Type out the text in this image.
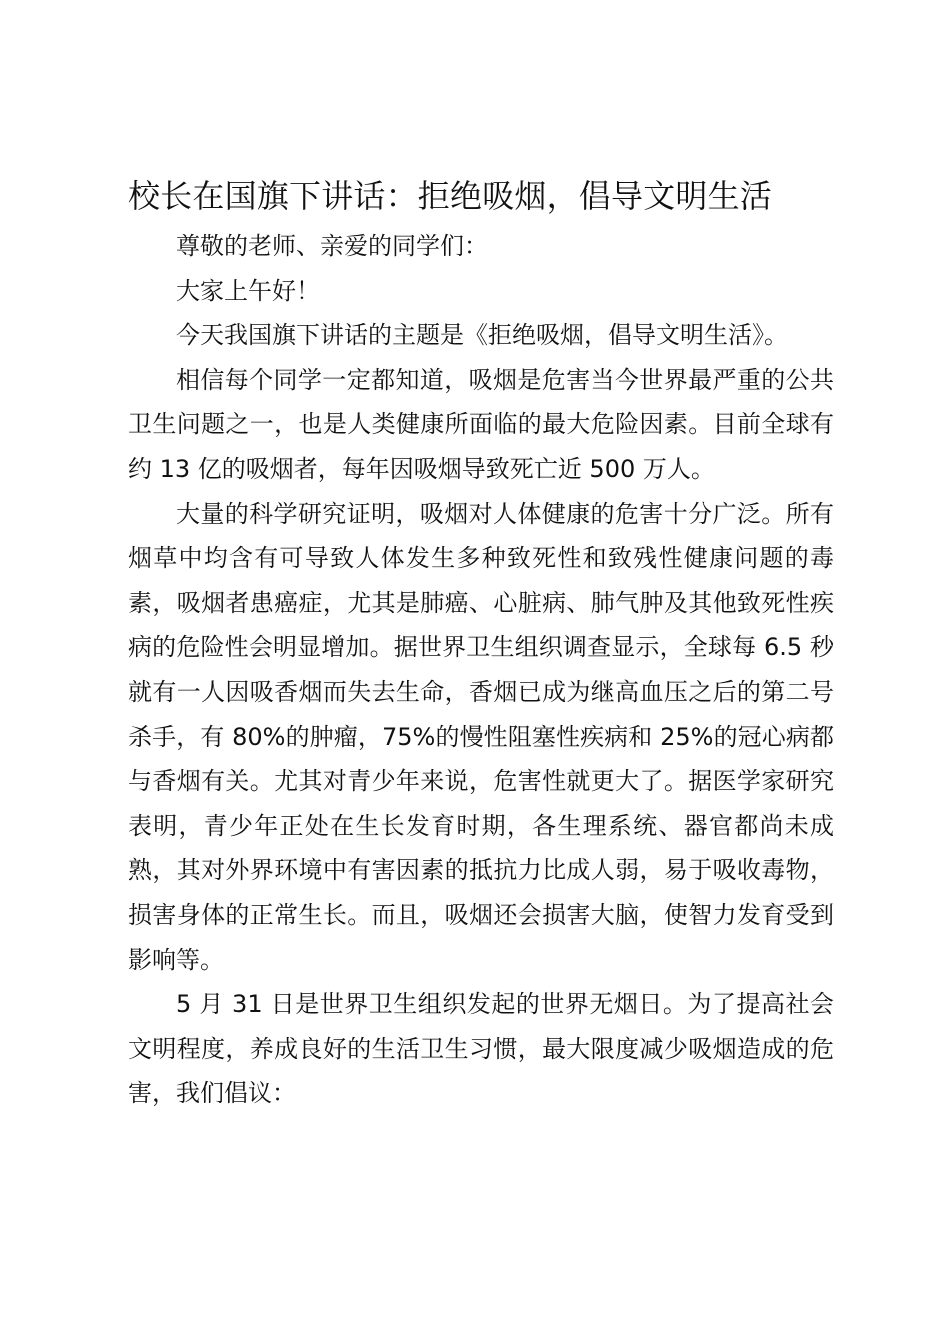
校长在国旗下讲话：拒绝吸烟，倡导文明生活

尊敬的老师、亲爱的同学们：

大家上午好！

今天我国旗下讲话的主题是《拒绝吸烟，倡导文明生活》。

相信每个同学一定都知道，吸烟是危害当今世界最严重的公共卫生问题之一，也是人类健康所面临的最大危险因素。目前全球有约 13 亿的吸烟者，每年因吸烟导致死亡近 500 万人。

大量的科学研究证明，吸烟对人体健康的危害十分广泛。所有烟草中均含有可导致人体发生多种致死性和致残性健康问题的毒素，吸烟者患癌症，尤其是肺癌、心脏病、肺气肿及其他致死性疾病的危险性会明显增加。据世界卫生组织调查显示，全球每 6.5 秒就有一人因吸香烟而失去生命，香烟已成为继高血压之后的第二号杀手，有 80%的肿瘤，75%的慢性阻塞性疾病和 25%的冠心病都与香烟有关。尤其对青少年来说，危害性就更大了。据医学家研究表明，青少年正处在生长发育时期，各生理系统、器官都尚未成熟，其对外界环境中有害因素的抵抗力比成人弱，易于吸收毒物，损害身体的正常生长。而且，吸烟还会损害大脑，使智力发育受到影响等。

5 月 31 日是世界卫生组织发起的世界无烟日。为了提高社会文明程度，养成良好的生活卫生习惯，最大限度减少吸烟造成的危害，我们倡议：
